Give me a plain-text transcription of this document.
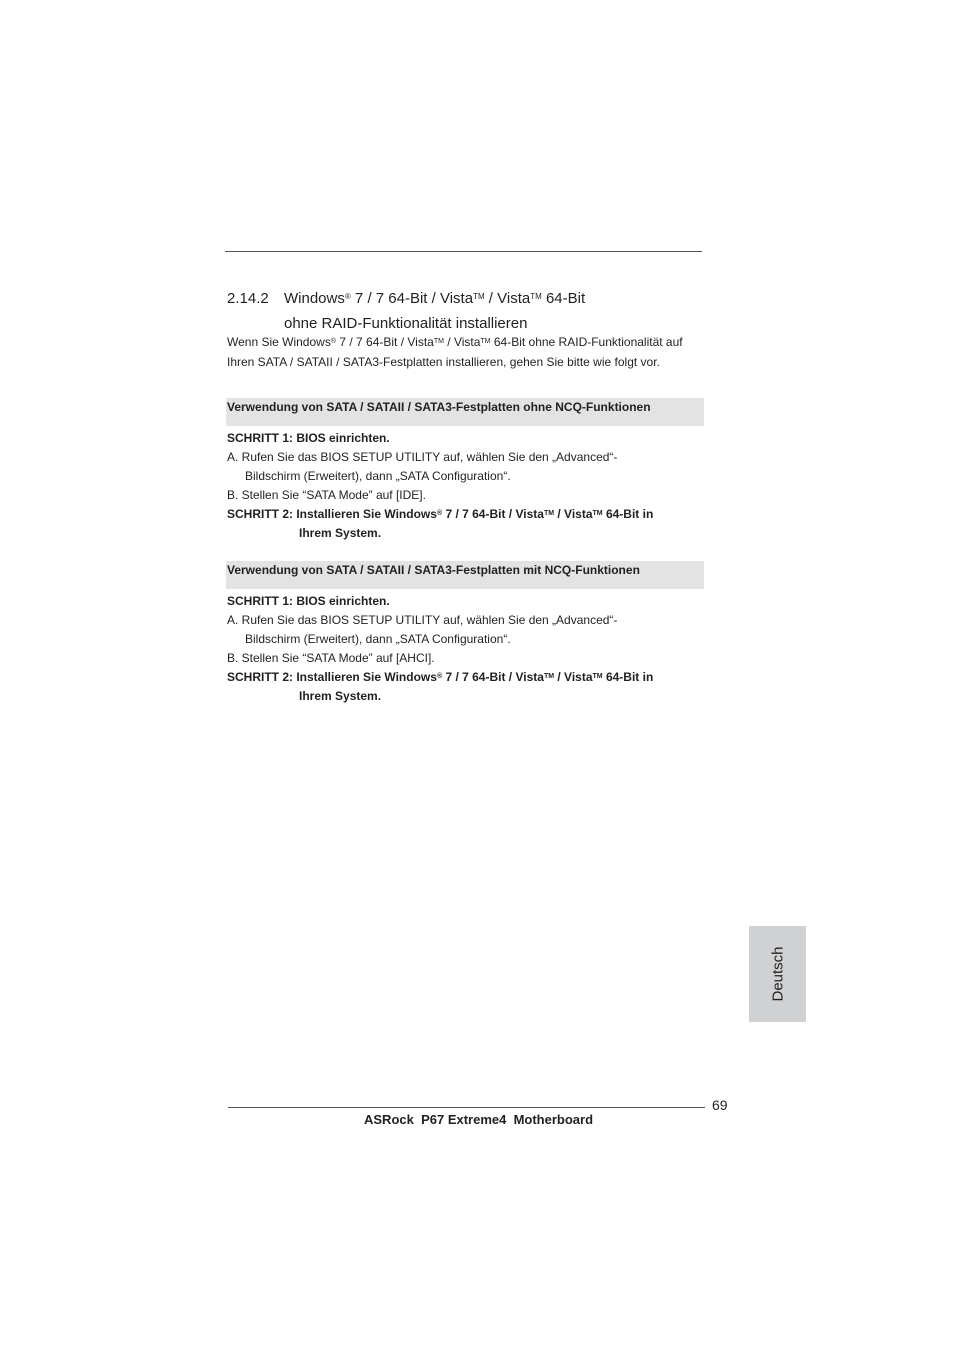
2.14.2 Windows® 7 / 7 64-Bit / Vista™ / Vista™ 64-Bit
ohne RAID-Funktionalität installieren
Wenn Sie Windows® 7 / 7 64-Bit / Vista™ / Vista™ 64-Bit ohne RAID-Funktionalität auf Ihren SATA / SATAII / SATA3-Festplatten installieren, gehen Sie bitte wie folgt vor.
Verwendung von SATA / SATAII / SATA3-Festplatten ohne NCQ-Funktionen
SCHRITT 1: BIOS einrichten.
A. Rufen Sie das BIOS SETUP UTILITY auf, wählen Sie den „Advanced“-
Bildschirm (Erweitert), dann „SATA Configuration“.
B. Stellen Sie “SATA Mode” auf [IDE].
SCHRITT 2: Installieren Sie Windows® 7 / 7 64-Bit / Vista™ / Vista™ 64-Bit in
Ihrem System.
Verwendung von SATA / SATAII / SATA3-Festplatten mit NCQ-Funktionen
SCHRITT 1: BIOS einrichten.
A. Rufen Sie das BIOS SETUP UTILITY auf, wählen Sie den „Advanced“-
Bildschirm (Erweitert), dann „SATA Configuration“.
B. Stellen Sie “SATA Mode” auf [AHCI].
SCHRITT 2: Installieren Sie Windows® 7 / 7 64-Bit / Vista™ / Vista™ 64-Bit in
Ihrem System.
Deutsch
69
ASRock  P67 Extreme4  Motherboard
